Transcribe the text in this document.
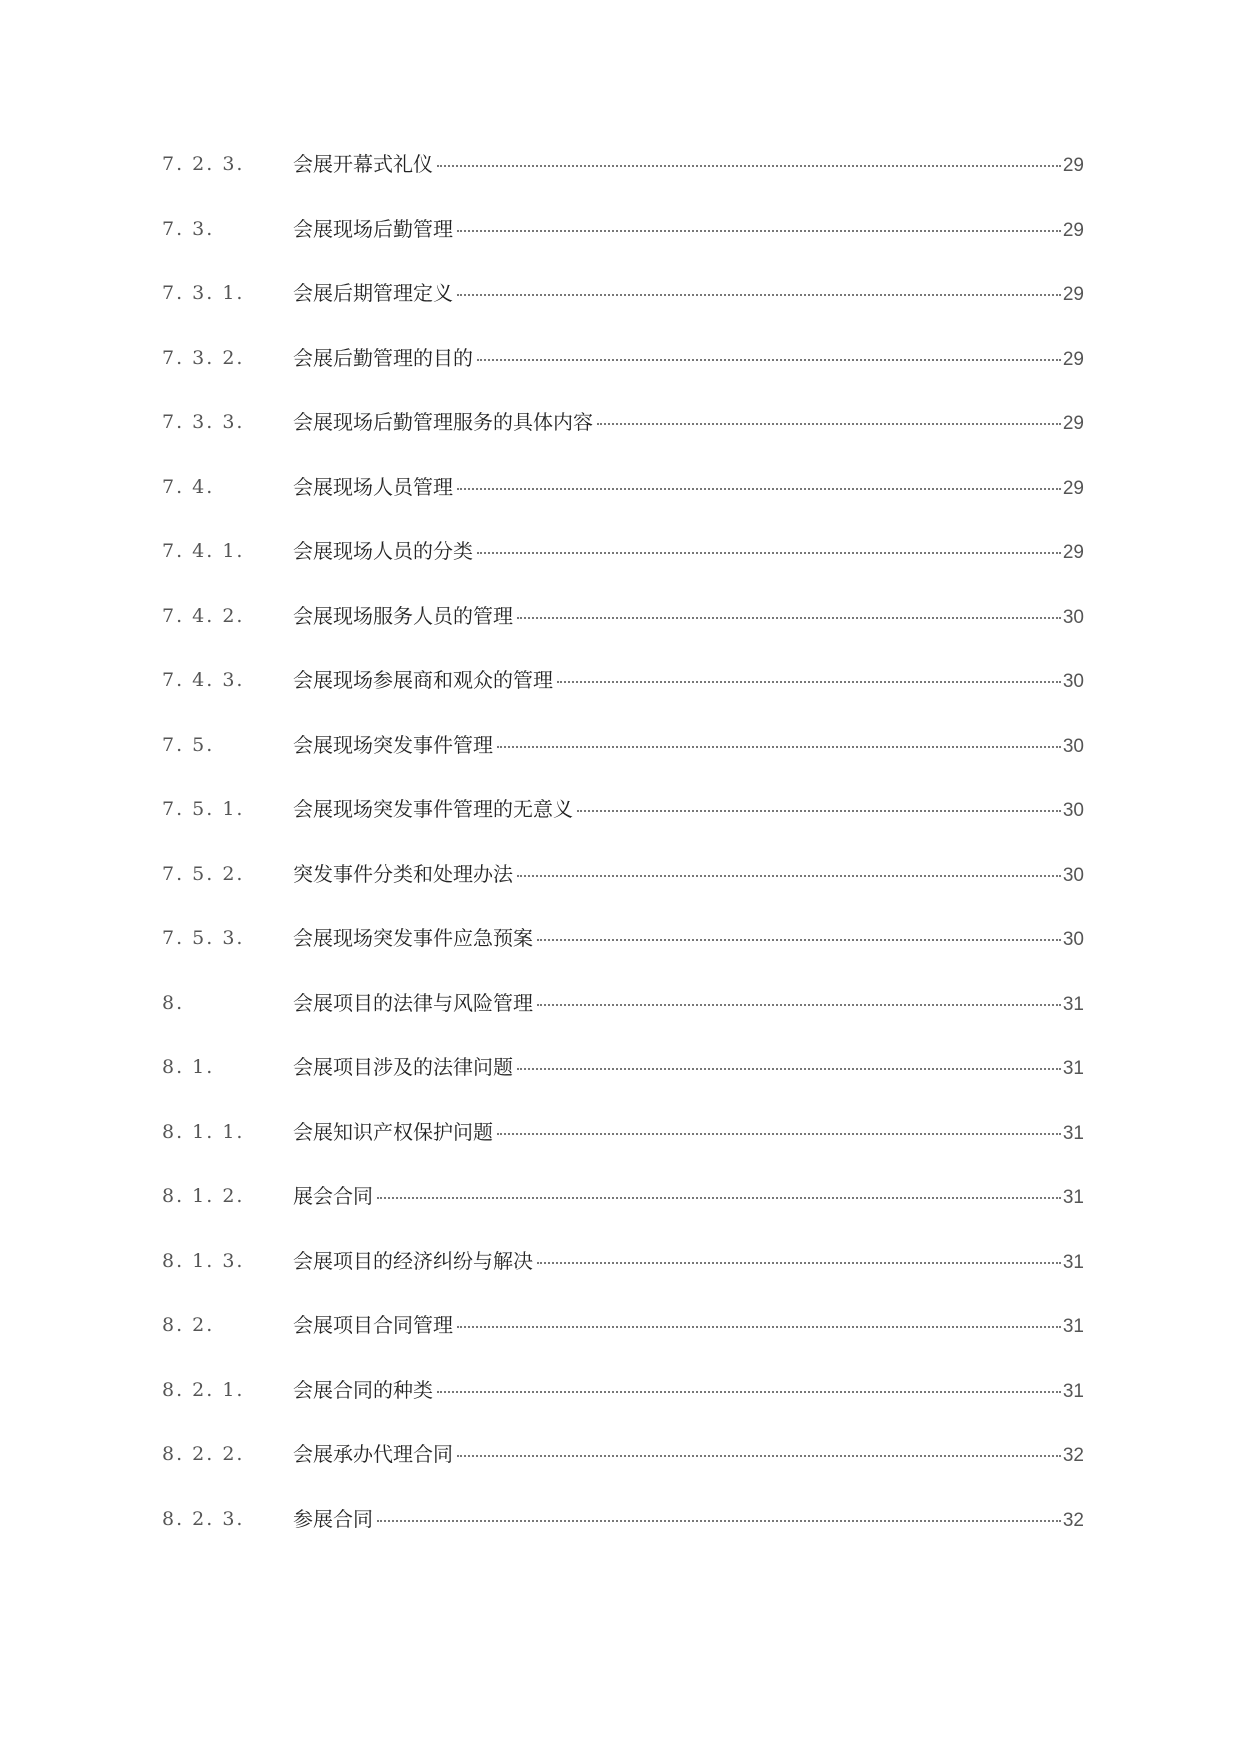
7. 2. 3.	会展开幕式礼仪	29
7. 3.	会展现场后勤管理	29
7. 3. 1.	会展后期管理定义	29
7. 3. 2.	会展后勤管理的目的	29
7. 3. 3.	会展现场后勤管理服务的具体内容	29
7. 4.	会展现场人员管理	29
7. 4. 1.	会展现场人员的分类	29
7. 4. 2.	会展现场服务人员的管理	30
7. 4. 3.	会展现场参展商和观众的管理	30
7. 5.	会展现场突发事件管理	30
7. 5. 1.	会展现场突发事件管理的无意义	30
7. 5. 2.	突发事件分类和处理办法	30
7. 5. 3.	会展现场突发事件应急预案	30
8.	会展项目的法律与风险管理	31
8. 1.	会展项目涉及的法律问题	31
8. 1. 1.	会展知识产权保护问题	31
8. 1. 2.	展会合同	31
8. 1. 3.	会展项目的经济纠纷与解决	31
8. 2.	会展项目合同管理	31
8. 2. 1.	会展合同的种类	31
8. 2. 2.	会展承办代理合同	32
8. 2. 3.	参展合同	32
